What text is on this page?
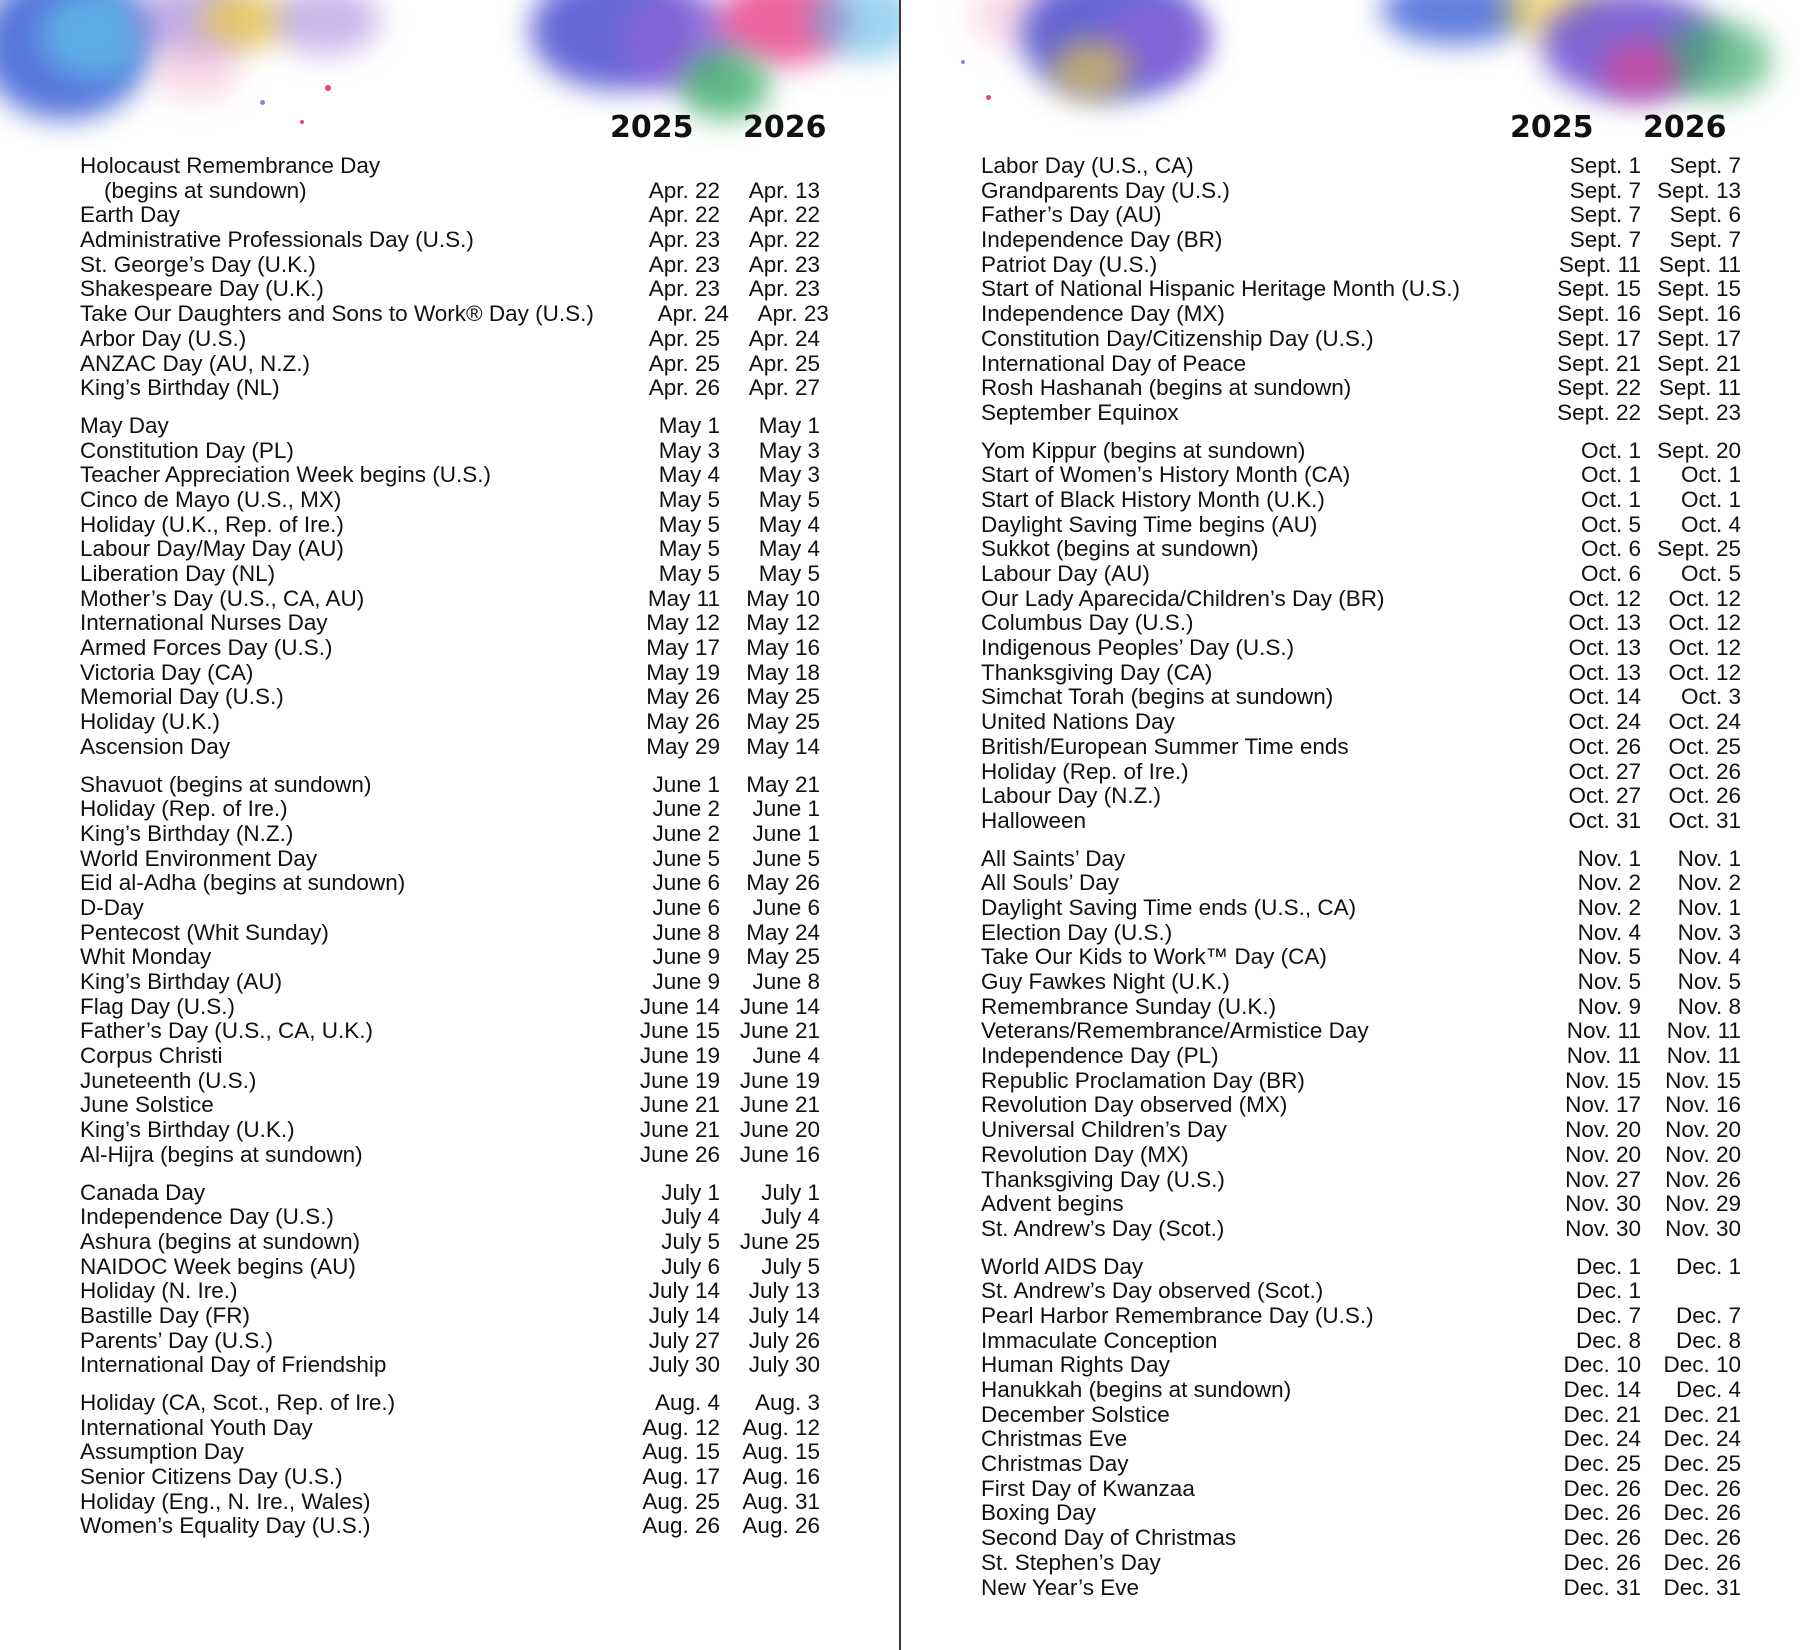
2025 2026
Holocaust Remembrance Day
(begins at sundown)	Apr. 22	Apr. 13
Earth Day	Apr. 22	Apr. 22
Administrative Professionals Day (U.S.)	Apr. 23	Apr. 22
St. George’s Day (U.K.)	Apr. 23	Apr. 23
Shakespeare Day (U.K.)	Apr. 23	Apr. 23
Take Our Daughters and Sons to Work® Day (U.S.)	Apr. 24	Apr. 23
Arbor Day (U.S.)	Apr. 25	Apr. 24
ANZAC Day (AU, N.Z.)	Apr. 25	Apr. 25
King’s Birthday (NL)	Apr. 26	Apr. 27
May Day	May 1	May 1
Constitution Day (PL)	May 3	May 3
Teacher Appreciation Week begins (U.S.)	May 4	May 3
Cinco de Mayo (U.S., MX)	May 5	May 5
Holiday (U.K., Rep. of Ire.)	May 5	May 4
Labour Day/May Day (AU)	May 5	May 4
Liberation Day (NL)	May 5	May 5
Mother’s Day (U.S., CA, AU)	May 11	May 10
International Nurses Day	May 12	May 12
Armed Forces Day (U.S.)	May 17	May 16
Victoria Day (CA)	May 19	May 18
Memorial Day (U.S.)	May 26	May 25
Holiday (U.K.)	May 26	May 25
Ascension Day	May 29	May 14
Shavuot (begins at sundown)	June 1	May 21
Holiday (Rep. of Ire.)	June 2	June 1
King’s Birthday (N.Z.)	June 2	June 1
World Environment Day	June 5	June 5
Eid al-Adha (begins at sundown)	June 6	May 26
D-Day	June 6	June 6
Pentecost (Whit Sunday)	June 8	May 24
Whit Monday	June 9	May 25
King’s Birthday (AU)	June 9	June 8
Flag Day (U.S.)	June 14 June 14
Father’s Day (U.S., CA, U.K.)	June 15 June 21
Corpus Christi	June 19	June 4
Juneteenth (U.S.)	June 19 June 19
June Solstice	June 21 June 21
King’s Birthday (U.K.)	June 21 June 20
Al-Hijra (begins at sundown)	June 26 June 16
Canada Day	July 1	July 1
Independence Day (U.S.)	July 4	July 4
Ashura (begins at sundown)	July 5 June 25
NAIDOC Week begins (AU)	July 6	July 5
Holiday (N. Ire.)	July 14	July 13
Bastille Day (FR)	July 14	July 14
Parents’ Day (U.S.)	July 27	July 26
International Day of Friendship	July 30	July 30
Holiday (CA, Scot., Rep. of Ire.)	Aug. 4	Aug. 3
International Youth Day	Aug. 12 Aug. 12
Assumption Day	Aug. 15 Aug. 15
Senior Citizens Day (U.S.)	Aug. 17 Aug. 16
Holiday (Eng., N. Ire., Wales)	Aug. 25 Aug. 31
Women’s Equality Day (U.S.)	Aug. 26 Aug. 26
2025 2026
Labor Day (U.S., CA)	Sept. 1	Sept. 7
Grandparents Day (U.S.)	Sept. 7 Sept. 13
Father’s Day (AU)	Sept. 7	Sept. 6
Independence Day (BR)	Sept. 7	Sept. 7
Patriot Day (U.S.)	Sept. 11 Sept. 11
Start of National Hispanic Heritage Month (U.S.)	Sept. 15 Sept. 15
Independence Day (MX)	Sept. 16 Sept. 16
Constitution Day/Citizenship Day (U.S.)	Sept. 17 Sept. 17
International Day of Peace	Sept. 21 Sept. 21
Rosh Hashanah (begins at sundown)	Sept. 22 Sept. 11
September Equinox	Sept. 22 Sept. 23
Yom Kippur (begins at sundown)	Oct. 1 Sept. 20
Start of Women’s History Month (CA)	Oct. 1	Oct. 1
Start of Black History Month (U.K.)	Oct. 1	Oct. 1
Daylight Saving Time begins (AU)	Oct. 5	Oct. 4
Sukkot (begins at sundown)	Oct. 6 Sept. 25
Labour Day (AU)	Oct. 6	Oct. 5
Our Lady Aparecida/Children’s Day (BR)	Oct. 12	Oct. 12
Columbus Day (U.S.)	Oct. 13	Oct. 12
Indigenous Peoples’ Day (U.S.)	Oct. 13	Oct. 12
Thanksgiving Day (CA)	Oct. 13	Oct. 12
Simchat Torah (begins at sundown)	Oct. 14	Oct. 3
United Nations Day	Oct. 24	Oct. 24
British/European Summer Time ends	Oct. 26	Oct. 25
Holiday (Rep. of Ire.)	Oct. 27	Oct. 26
Labour Day (N.Z.)	Oct. 27	Oct. 26
Halloween	Oct. 31	Oct. 31
All Saints’ Day	Nov. 1	Nov. 1
All Souls’ Day	Nov. 2	Nov. 2
Daylight Saving Time ends (U.S., CA)	Nov. 2	Nov. 1
Election Day (U.S.)	Nov. 4	Nov. 3
Take Our Kids to Work™ Day (CA)	Nov. 5	Nov. 4
Guy Fawkes Night (U.K.)	Nov. 5	Nov. 5
Remembrance Sunday (U.K.)	Nov. 9	Nov. 8
Veterans/Remembrance/Armistice Day	Nov. 11	Nov. 11
Independence Day (PL)	Nov. 11	Nov. 11
Republic Proclamation Day (BR)	Nov. 15	Nov. 15
Revolution Day observed (MX)	Nov. 17	Nov. 16
Universal Children’s Day	Nov. 20	Nov. 20
Revolution Day (MX)	Nov. 20	Nov. 20
Thanksgiving Day (U.S.)	Nov. 27	Nov. 26
Advent begins	Nov. 30	Nov. 29
St. Andrew’s Day (Scot.)	Nov. 30	Nov. 30
World AIDS Day	Dec. 1	Dec. 1
St. Andrew’s Day observed (Scot.)	Dec. 1
Pearl Harbor Remembrance Day (U.S.)	Dec. 7	Dec. 7
Immaculate Conception	Dec. 8	Dec. 8
Human Rights Day	Dec. 10 Dec. 10
Hanukkah (begins at sundown)	Dec. 14	Dec. 4
December Solstice	Dec. 21 Dec. 21
Christmas Eve	Dec. 24 Dec. 24
Christmas Day	Dec. 25 Dec. 25
First Day of Kwanzaa	Dec. 26 Dec. 26
Boxing Day	Dec. 26 Dec. 26
Second Day of Christmas	Dec. 26 Dec. 26
St. Stephen’s Day	Dec. 26 Dec. 26
New Year’s Eve	Dec. 31 Dec. 31
